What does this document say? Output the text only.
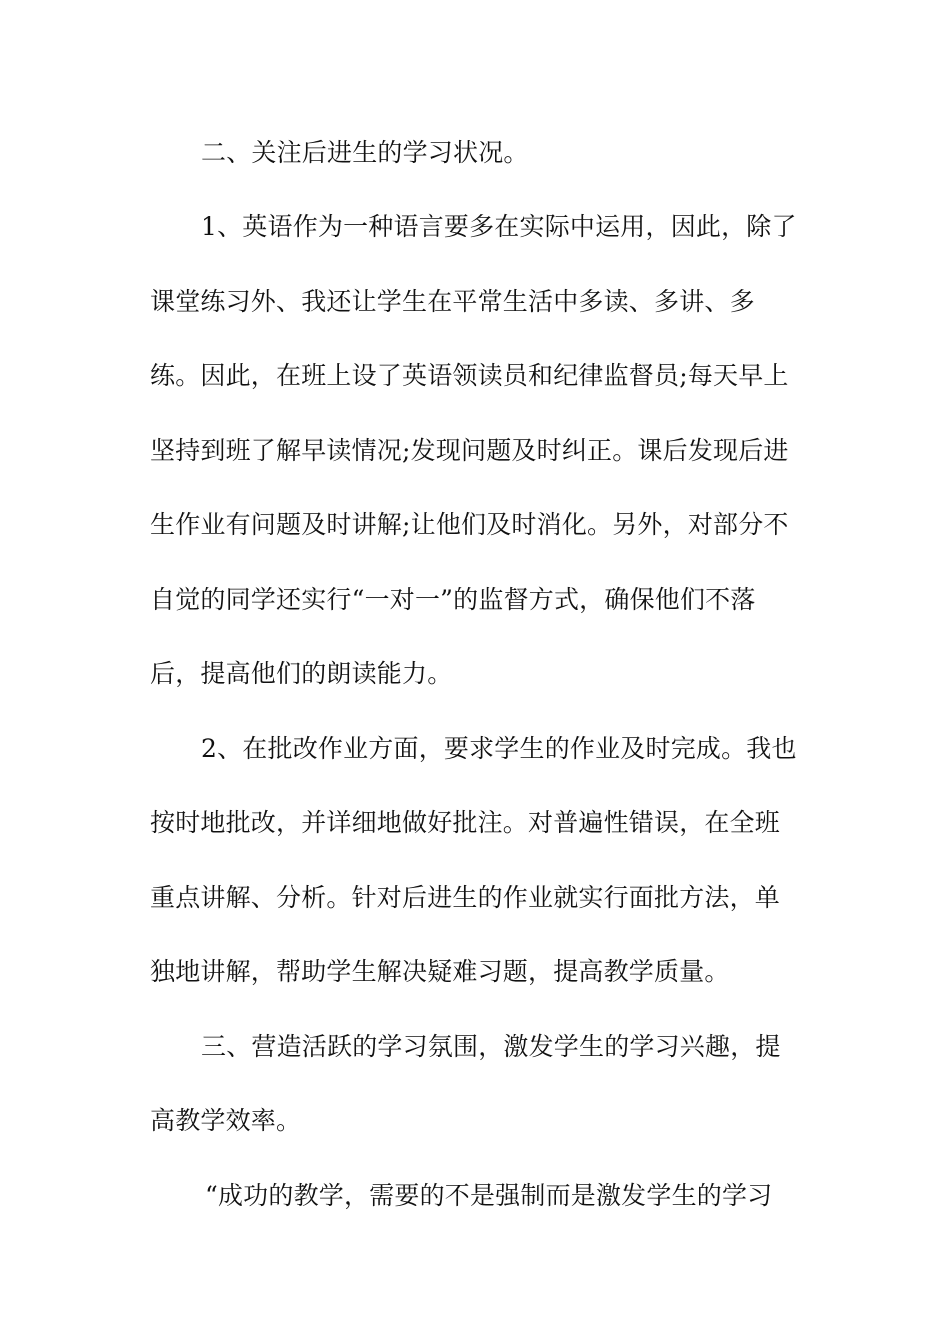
二、关注后进生的学习状况。
1、英语作为一种语言要多在实际中运用，因此，除了
课堂练习外、我还让学生在平常生活中多读、多讲、多
练。因此，在班上设了英语领读员和纪律监督员;每天早上
坚持到班了解早读情况;发现问题及时纠正。课后发现后进
生作业有问题及时讲解;让他们及时消化。另外，对部分不
自觉的同学还实行“一对一”的监督方式，确保他们不落
后，提高他们的朗读能力。
2、在批改作业方面，要求学生的作业及时完成。我也
按时地批改，并详细地做好批注。对普遍性错误，在全班
重点讲解、分析。针对后进生的作业就实行面批方法，单
独地讲解，帮助学生解决疑难习题，提高教学质量。
三、营造活跃的学习氛围，激发学生的学习兴趣，提
高教学效率。
“成功的教学，需要的不是强制而是激发学生的学习
